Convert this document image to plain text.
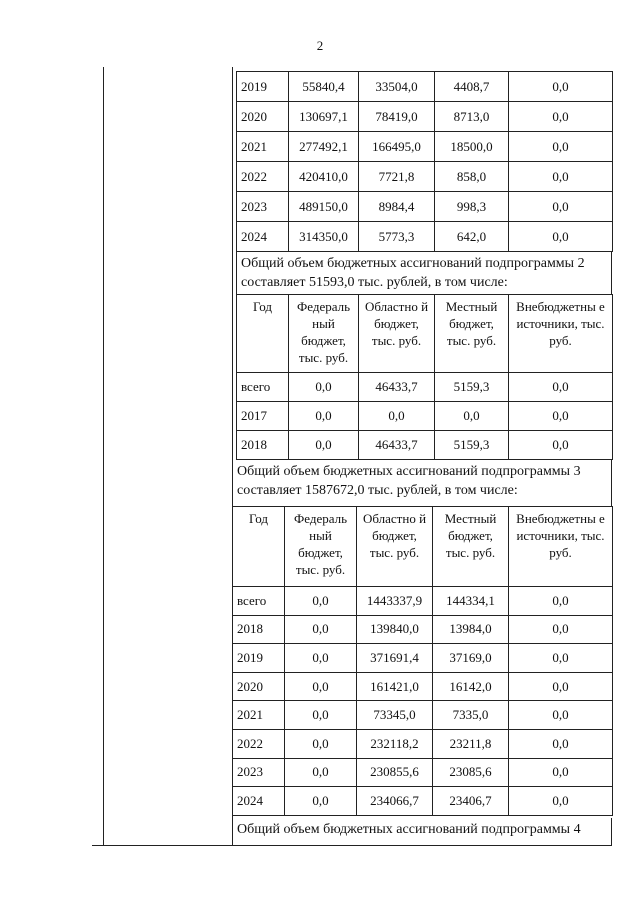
2
2019	55840,4	33504,0	4408,7	0,0
2020	130697,1	78419,0	8713,0	0,0
2021	277492,1	166495,0	18500,0	0,0
2022	420410,0	7721,8	858,0	0,0
2023	489150,0	8984,4	998,3	0,0
2024	314350,0	5773,3	642,0	0,0
Общий объем бюджетных ассигнований подпрограммы 2
составляет 51593,0 тыс. рублей, в том числе:
Год	Федераль ный бюджет, тыс. руб.	Областно й бюджет, тыс. руб.	Местный бюджет, тыс. руб.	Внебюджетны е источники, тыс. руб.
всего	0,0	46433,7	5159,3	0,0
2017	0,0	0,0	0,0	0,0
2018	0,0	46433,7	5159,3	0,0
Общий объем бюджетных ассигнований подпрограммы 3
составляет 1587672,0 тыс. рублей, в том числе:
Год	Федераль ный бюджет, тыс. руб.	Областно й бюджет, тыс. руб.	Местный бюджет, тыс. руб.	Внебюджетны е источники, тыс. руб.
всего	0,0	1443337,9	144334,1	0,0
2018	0,0	139840,0	13984,0	0,0
2019	0,0	371691,4	37169,0	0,0
2020	0,0	161421,0	16142,0	0,0
2021	0,0	73345,0	7335,0	0,0
2022	0,0	232118,2	23211,8	0,0
2023	0,0	230855,6	23085,6	0,0
2024	0,0	234066,7	23406,7	0,0
Общий объем бюджетных ассигнований подпрограммы 4
